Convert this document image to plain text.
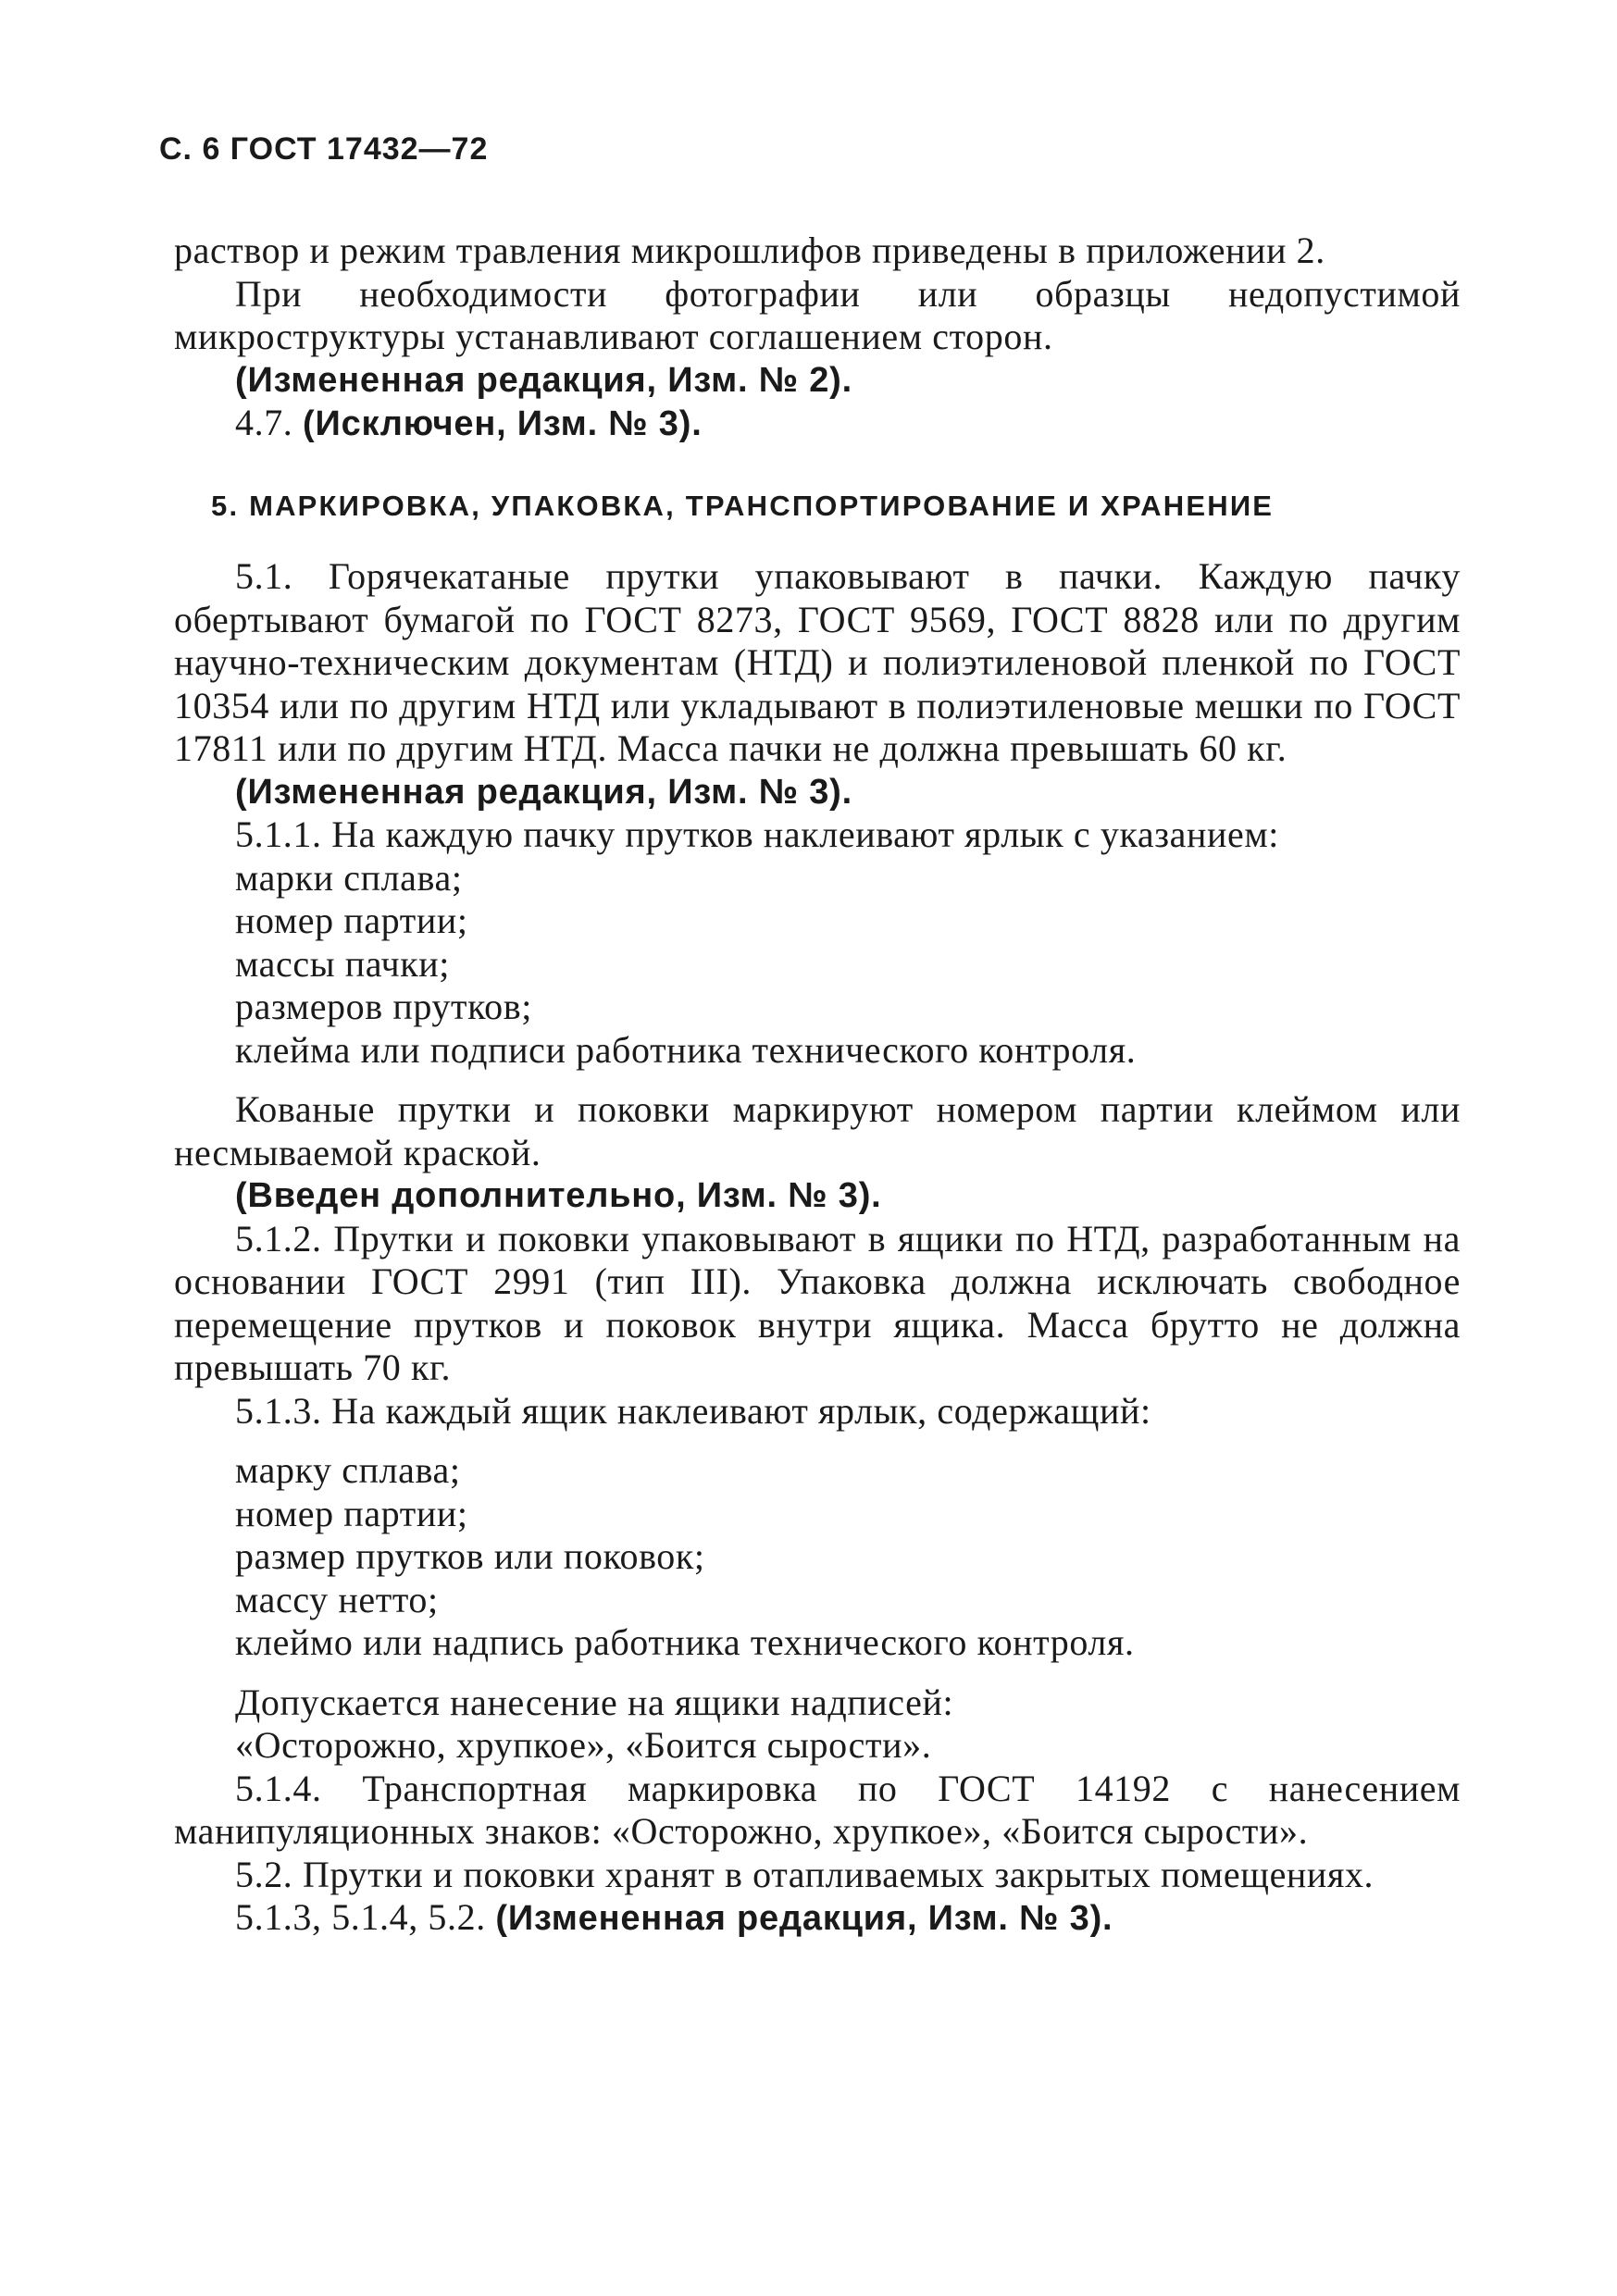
С. 6 ГОСТ 17432—72

раствор и режим травления микрошлифов приведены в приложении 2.

При необходимости фотографии или образцы недопустимой микроструктуры устанавливают соглашением сторон.

(Измененная редакция, Изм. № 2).

4.7. (Исключен, Изм. № 3).

5. МАРКИРОВКА, УПАКОВКА, ТРАНСПОРТИРОВАНИЕ И ХРАНЕНИЕ

5.1. Горячекатаные прутки упаковывают в пачки. Каждую пачку обертывают бумагой по ГОСТ 8273, ГОСТ 9569, ГОСТ 8828 или по другим научно-техническим документам (НТД) и полиэтиленовой пленкой по ГОСТ 10354 или по другим НТД или укладывают в полиэтиленовые мешки по ГОСТ 17811 или по другим НТД. Масса пачки не должна превышать 60 кг.

(Измененная редакция, Изм. № 3).

5.1.1. На каждую пачку прутков наклеивают ярлык с указанием:

марки сплава;

номер партии;

массы пачки;

размеров прутков;

клейма или подписи работника технического контроля.

Кованые прутки и поковки маркируют номером партии клеймом или несмываемой краской.

(Введен дополнительно, Изм. № 3).

5.1.2. Прутки и поковки упаковывают в ящики по НТД, разработанным на основании ГОСТ 2991 (тип III). Упаковка должна исключать свободное перемещение прутков и поковок внутри ящика. Масса брутто не должна превышать 70 кг.

5.1.3. На каждый ящик наклеивают ярлык, содержащий:

марку сплава;

номер партии;

размер прутков или поковок;

массу нетто;

клеймо или надпись работника технического контроля.

Допускается нанесение на ящики надписей:

«Осторожно, хрупкое», «Боится сырости».

5.1.4. Транспортная маркировка по ГОСТ 14192 с нанесением манипуляционных знаков: «Осторожно, хрупкое», «Боится сырости».

5.2. Прутки и поковки хранят в отапливаемых закрытых помещениях.

5.1.3, 5.1.4, 5.2. (Измененная редакция, Изм. № 3).
